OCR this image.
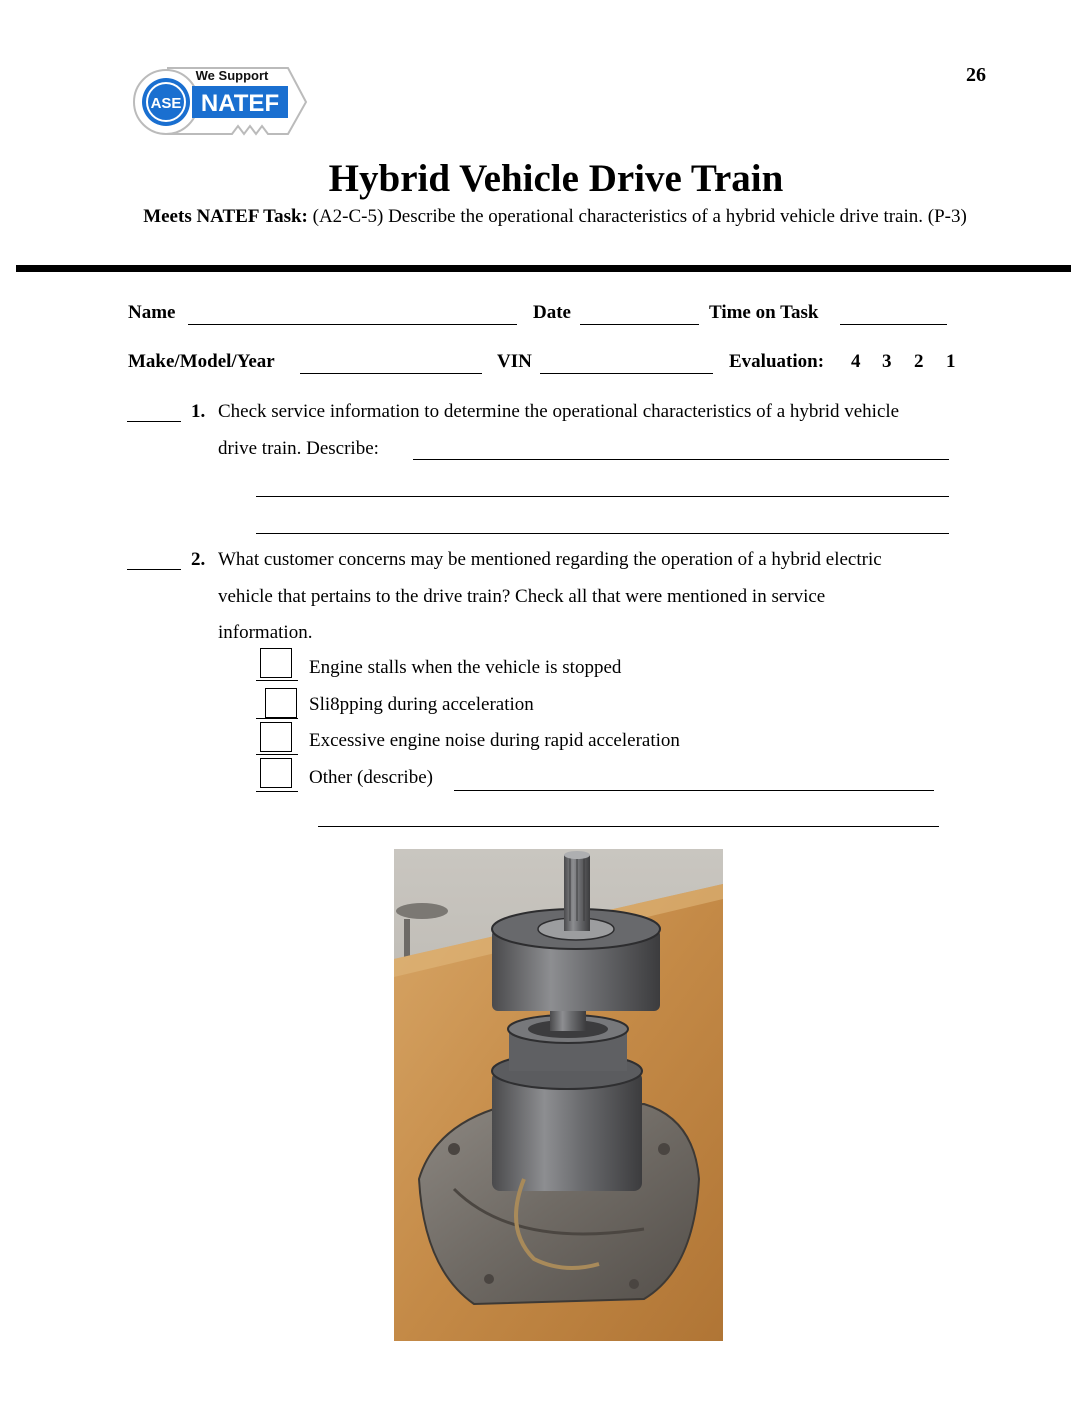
26
ASE NATEF
We Support
Hybrid Vehicle Drive Train
Meets NATEF Task: (A2-C-5) Describe the operational characteristics of a hybrid vehicle drive train. (P-3)
Name	Date	Time on Task
Make/Model/Year	VIN	Evaluation: 4 3 2 1
1. Check service information to determine the operational characteristics of a hybrid vehicle
drive train. Describe:
2. What customer concerns may be mentioned regarding the operation of a hybrid electric
vehicle that pertains to the drive train? Check all that were mentioned in service
information.
Engine stalls when the vehicle is stopped
Sli8pping during acceleration
Excessive engine noise during rapid acceleration
Other (describe)
